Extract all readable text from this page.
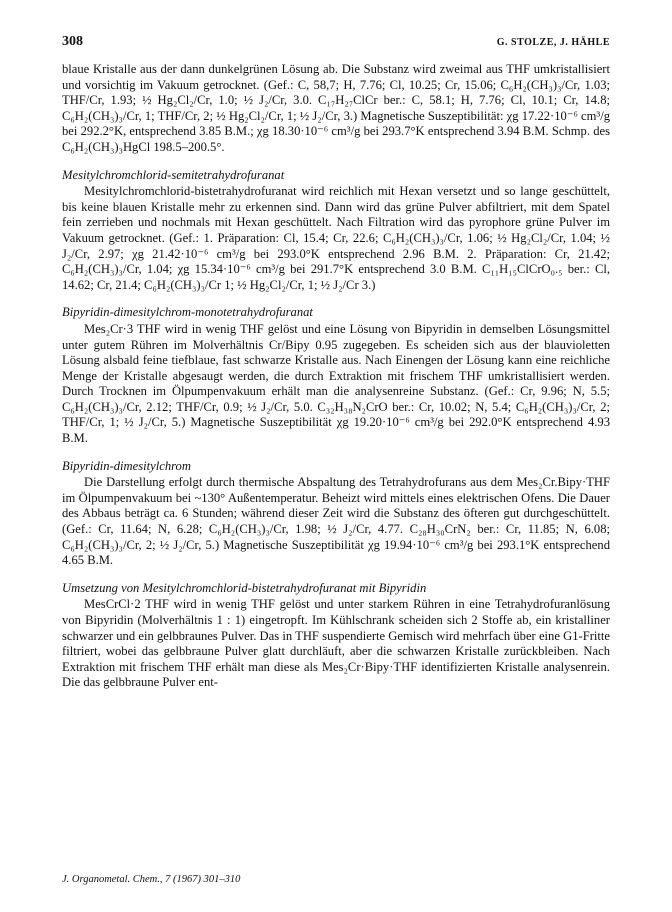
308	G. STOLZE, J. HÄHLE

blaue Kristalle aus der dann dunkelgrünen Lösung ab. Die Substanz wird zweimal aus THF umkristallisiert und vorsichtig im Vakuum getrocknet. (Gef.: C, 58,7; H, 7.76; Cl, 10.25; Cr, 15.06; C₆H₂(CH₃)₃/Cr, 1.03; THF/Cr, 1.93; ½ Hg₂Cl₂/Cr, 1.0; ½ J₂/Cr, 3.0. C₁₇H₂₇ClCr ber.: C, 58.1; H, 7.76; Cl, 10.1; Cr, 14.8; C₆H₂(CH₃)₃/Cr, 1; THF/Cr, 2; ½ Hg₂Cl₂/Cr, 1; ½ J₂/Cr, 3.) Magnetische Suszeptibilität: χg 17.22·10⁻⁶ cm³/g bei 292.2°K, entsprechend 3.85 B.M.; χg 18.30·10⁻⁶ cm³/g bei 293.7°K entsprechend 3.94 B.M. Schmp. des C₆H₂(CH₃)₃HgCl 198.5–200.5°.

Mesitylchromchlorid-semitetrahydrofuranat

Mesitylchromchlorid-bistetrahydrofuranat wird reichlich mit Hexan versetzt und so lange geschüttelt, bis keine blauen Kristalle mehr zu erkennen sind. Dann wird das grüne Pulver abfiltriert, mit dem Spatel fein zerrieben und nochmals mit Hexan geschüttelt. Nach Filtration wird das pyrophore grüne Pulver im Vakuum getrocknet. (Gef.: 1. Präparation: Cl, 15.4; Cr, 22.6; C₆H₂(CH₃)₃/Cr, 1.06; ½ Hg₂Cl₂/Cr, 1.04; ½ J₂/Cr, 2.97; χg 21.42·10⁻⁶ cm³/g bei 293.0°K entsprechend 2.96 B.M. 2. Präparation: Cr, 21.42; C₆H₂(CH₃)₃/Cr, 1.04; χg 15.34·10⁻⁶ cm³/g bei 291.7°K entsprechend 3.0 B.M. C₁₁H₁₅ClCrO₀.₅ ber.: Cl, 14.62; Cr, 21.4; C₆H₂(CH₃)₃/Cr 1; ½ Hg₂Cl₂/Cr, 1; ½ J₂/Cr 3.)

Bipyridin-dimesitylchrom-monotetrahydrofuranat

Mes₂Cr·3 THF wird in wenig THF gelöst und eine Lösung von Bipyridin in demselben Lösungsmittel unter gutem Rühren im Molverhältnis Cr/Bipy 0.95 zugegeben. Es scheiden sich aus der blauvioletten Lösung alsbald feine tiefblaue, fast schwarze Kristalle aus. Nach Einengen der Lösung kann eine reichliche Menge der Kristalle abgesaugt werden, die durch Extraktion mit frischem THF umkristallisiert werden. Durch Trocknen im Ölpumpenvakuum erhält man die analysenreine Substanz. (Gef.: Cr, 9.96; N, 5.5; C₆H₂(CH₃)₃/Cr, 2.12; THF/Cr, 0.9; ½ J₂/Cr, 5.0. C₃₂H₃₈N₂CrO ber.: Cr, 10.02; N, 5.4; C₆H₂(CH₃)₃/Cr, 2; THF/Cr, 1; ½ J₂/Cr, 5.) Magnetische Suszeptibilität χg 19.20·10⁻⁶ cm³/g bei 292.0°K entsprechend 4.93 B.M.

Bipyridin-dimesitylchrom

Die Darstellung erfolgt durch thermische Abspaltung des Tetrahydrofurans aus dem Mes₂Cr.Bipy·THF im Ölpumpenvakuum bei ~130° Außentemperatur. Beheizt wird mittels eines elektrischen Ofens. Die Dauer des Abbaus beträgt ca. 6 Stunden; während dieser Zeit wird die Substanz des öfteren gut durchgeschüttelt. (Gef.: Cr, 11.64; N, 6.28; C₆H₂(CH₃)₃/Cr, 1.98; ½ J₂/Cr, 4.77. C₂₈H₃₀CrN₂ ber.: Cr, 11.85; N, 6.08; C₆H₂(CH₃)₃/Cr, 2; ½ J₂/Cr, 5.) Magnetische Suszeptibilität χg 19.94·10⁻⁶ cm³/g bei 293.1°K entsprechend 4.65 B.M.

Umsetzung von Mesitylchromchlorid-bistetrahydrofuranat mit Bipyridin

MesCrCl·2 THF wird in wenig THF gelöst und unter starkem Rühren in eine Tetrahydrofuranlösung von Bipyridin (Molverhältnis 1 : 1) eingetropft. Im Kühlschrank scheiden sich 2 Stoffe ab, ein kristalliner schwarzer und ein gelbbraunes Pulver. Das in THF suspendierte Gemisch wird mehrfach über eine G1-Fritte filtriert, wobei das gelbbraune Pulver glatt durchläuft, aber die schwarzen Kristalle zurückbleiben. Nach Extraktion mit frischem THF erhält man diese als Mes₂Cr·Bipy·THF identifizierten Kristalle analysenrein. Die das gelbbraune Pulver ent-

J. Organometal. Chem., 7 (1967) 301–310
